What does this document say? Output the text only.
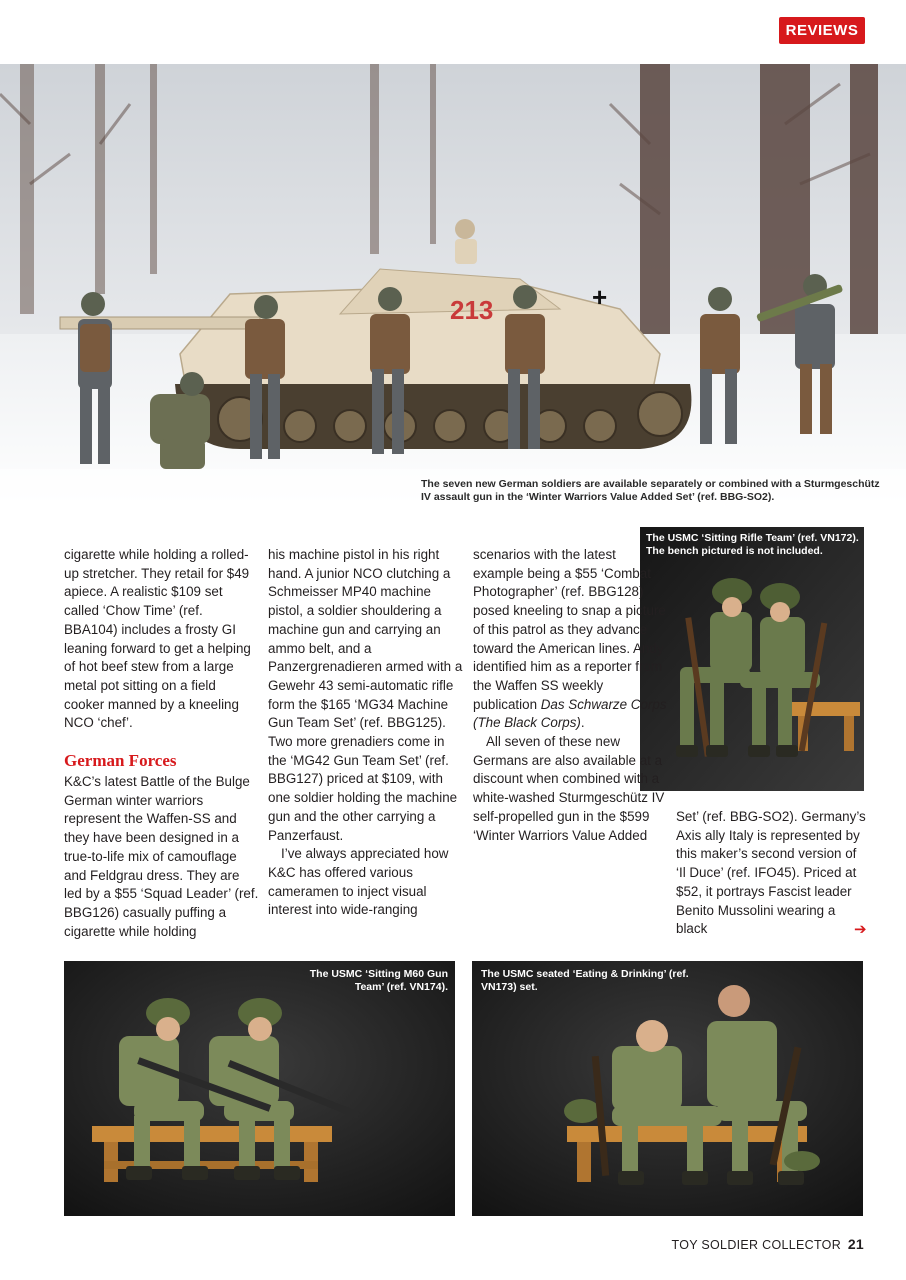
REVIEWS
213	+
The seven new German soldiers are available separately or combined with a Sturmgeschütz IV assault gun in the ‘Winter Warriors Value Added Set’ (ref. BBG-SO2).
The USMC ‘Sitting Rifle Team’ (ref. VN172). The bench pictured is not included.

cigarette while holding a rolled-up stretcher. They retail for $49 apiece. A realistic $109 set called ‘Chow Time’ (ref. BBA104) includes a frosty GI leaning forward to get a helping of hot beef stew from a large metal pot sitting on a field cooker manned by a kneeling NCO ‘chef’.

German Forces

K&C’s latest Battle of the Bulge German winter warriors represent the Waffen-SS and they have been designed in a true-to-life mix of camouflage and Feldgrau dress. They are led by a $55 ‘Squad Leader’ (ref. BBG126) casually puffing a cigarette while holding

his machine pistol in his right hand. A junior NCO clutching a Schmeisser MP40 machine pistol, a soldier shouldering a machine gun and carrying an ammo belt, and a Panzergrenadieren armed with a Gewehr 43 semi-automatic rifle form the $165 ‘MG34 Machine Gun Team Set’ (ref. BBG125). Two more grenadiers come in the ‘MG42 Gun Team Set’ (ref. BBG127) priced at $109, with one soldier holding the machine gun and the other carrying a Panzerfaust.

I’ve always appreciated how K&C has offered various cameramen to inject visual interest into wide-ranging

scenarios with the latest example being a $55 ‘Combat Photographer’ (ref. BBG128) posed kneeling to snap a picture of this patrol as they advance toward the American lines. Andy identified him as a reporter from the Waffen SS weekly publication Das Schwarze Corps (The Black Corps).

All seven of these new Germans are also available at a discount when combined with a white-washed Sturmgeschütz IV self-propelled gun in the $599 ‘Winter Warriors Value Added

Set’ (ref. BBG-SO2). Germany’s Axis ally Italy is represented by this maker’s second version of ‘Il Duce’ (ref. IFO45). Priced at $52, it portrays Fascist leader Benito Mussolini wearing a black	➔
The USMC ‘Sitting M60 Gun Team’ (ref. VN174).
The USMC seated ‘Eating & Drinking’ (ref. VN173) set.
TOY SOLDIER COLLECTOR 21
